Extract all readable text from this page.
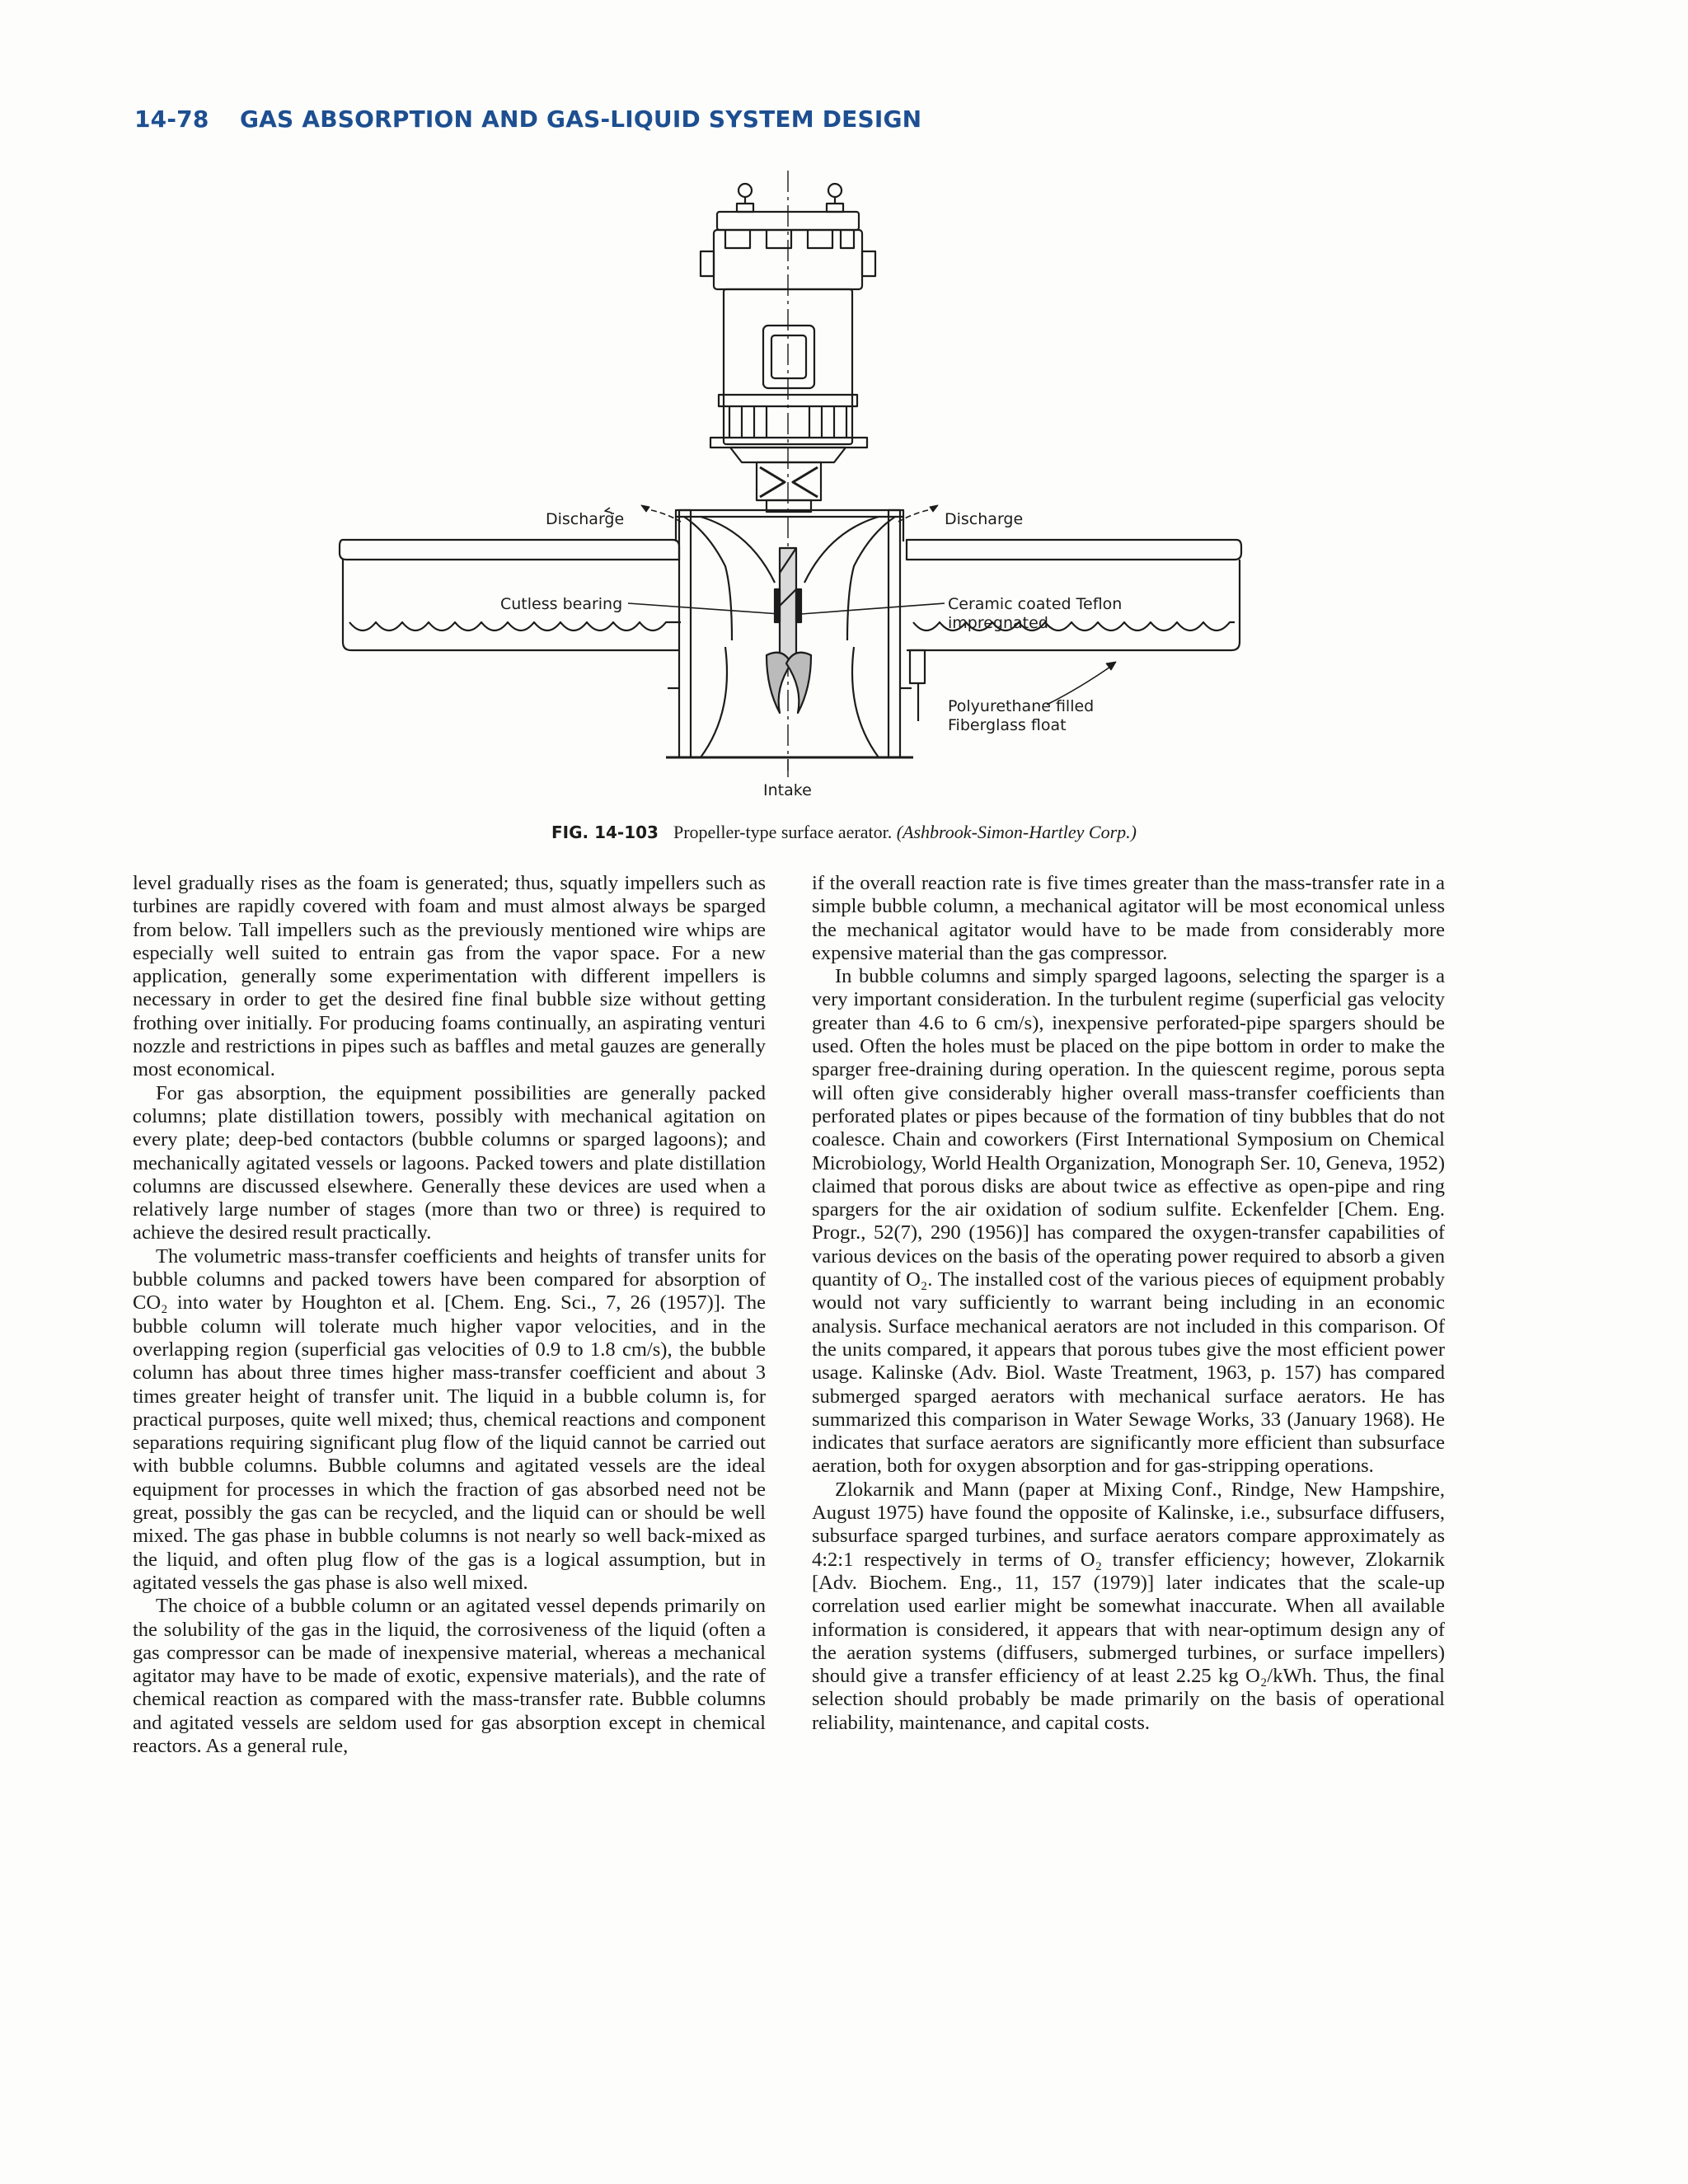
14-78 GAS ABSORPTION AND GAS-LIQUID SYSTEM DESIGN
Discharge	Discharge
Cutless bearing	Ceramic coated Teflon
impregnated
Polyurethane filled
Fiberglass float
Intake
FIG. 14-103 Propeller-type surface aerator. (Ashbrook-Simon-Hartley Corp.)

level gradually rises as the foam is generated; thus, squatly impellers such as turbines are rapidly covered with foam and must almost always be sparged from below. Tall impellers such as the previously mentioned wire whips are especially well suited to entrain gas from the vapor space. For a new application, generally some experimentation with different impellers is necessary in order to get the desired fine final bubble size without getting frothing over initially. For producing foams continually, an aspirating venturi nozzle and restrictions in pipes such as baffles and metal gauzes are generally most economical.

For gas absorption, the equipment possibilities are generally packed columns; plate distillation towers, possibly with mechanical agitation on every plate; deep-bed contactors (bubble columns or sparged lagoons); and mechanically agitated vessels or lagoons. Packed towers and plate distillation columns are discussed elsewhere. Generally these devices are used when a relatively large number of stages (more than two or three) is required to achieve the desired result practically.

The volumetric mass-transfer coefficients and heights of transfer units for bubble columns and packed towers have been compared for absorption of CO₂ into water by Houghton et al. [Chem. Eng. Sci., 7, 26 (1957)]. The bubble column will tolerate much higher vapor velocities, and in the overlapping region (superficial gas velocities of 0.9 to 1.8 cm/s), the bubble column has about three times higher mass-transfer coefficient and about 3 times greater height of transfer unit. The liquid in a bubble column is, for practical purposes, quite well mixed; thus, chemical reactions and component separations requiring significant plug flow of the liquid cannot be carried out with bubble columns. Bubble columns and agitated vessels are the ideal equipment for processes in which the fraction of gas absorbed need not be great, possibly the gas can be recycled, and the liquid can or should be well mixed. The gas phase in bubble columns is not nearly so well back-mixed as the liquid, and often plug flow of the gas is a logical assumption, but in agitated vessels the gas phase is also well mixed.

The choice of a bubble column or an agitated vessel depends primarily on the solubility of the gas in the liquid, the corrosiveness of the liquid (often a gas compressor can be made of inexpensive material, whereas a mechanical agitator may have to be made of exotic, expensive materials), and the rate of chemical reaction as compared with the mass-transfer rate. Bubble columns and agitated vessels are seldom used for gas absorption except in chemical reactors. As a general rule,

if the overall reaction rate is five times greater than the mass-transfer rate in a simple bubble column, a mechanical agitator will be most economical unless the mechanical agitator would have to be made from considerably more expensive material than the gas compressor.

In bubble columns and simply sparged lagoons, selecting the sparger is a very important consideration. In the turbulent regime (superficial gas velocity greater than 4.6 to 6 cm/s), inexpensive perforated-pipe spargers should be used. Often the holes must be placed on the pipe bottom in order to make the sparger free-draining during operation. In the quiescent regime, porous septa will often give considerably higher overall mass-transfer coefficients than perforated plates or pipes because of the formation of tiny bubbles that do not coalesce. Chain and coworkers (First International Symposium on Chemical Microbiology, World Health Organization, Monograph Ser. 10, Geneva, 1952) claimed that porous disks are about twice as effective as open-pipe and ring spargers for the air oxidation of sodium sulfite. Eckenfelder [Chem. Eng. Progr., 52(7), 290 (1956)] has compared the oxygen-transfer capabilities of various devices on the basis of the operating power required to absorb a given quantity of O₂. The installed cost of the various pieces of equipment probably would not vary sufficiently to warrant being including in an economic analysis. Surface mechanical aerators are not included in this comparison. Of the units compared, it appears that porous tubes give the most efficient power usage. Kalinske (Adv. Biol. Waste Treatment, 1963, p. 157) has compared submerged sparged aerators with mechanical surface aerators. He has summarized this comparison in Water Sewage Works, 33 (January 1968). He indicates that surface aerators are significantly more efficient than subsurface aeration, both for oxygen absorption and for gas-stripping operations.

Zlokarnik and Mann (paper at Mixing Conf., Rindge, New Hampshire, August 1975) have found the opposite of Kalinske, i.e., subsurface diffusers, subsurface sparged turbines, and surface aerators compare approximately as 4:2:1 respectively in terms of O₂ transfer efficiency; however, Zlokarnik [Adv. Biochem. Eng., 11, 157 (1979)] later indicates that the scale-up correlation used earlier might be somewhat inaccurate. When all available information is considered, it appears that with near-optimum design any of the aeration systems (diffusers, submerged turbines, or surface impellers) should give a transfer efficiency of at least 2.25 kg O₂/kWh. Thus, the final selection should probably be made primarily on the basis of operational reliability, maintenance, and capital costs.
